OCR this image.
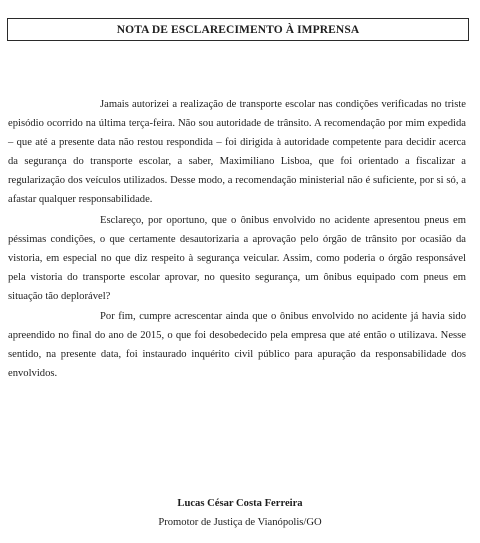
NOTA DE ESCLARECIMENTO À IMPRENSA

Jamais autorizei a realização de transporte escolar nas condições verificadas no triste episódio ocorrido na última terça-feira. Não sou autoridade de trânsito. A recomendação por mim expedida – que até a presente data não restou respondida – foi dirigida à autoridade competente para decidir acerca da segurança do transporte escolar, a saber, Maximiliano Lisboa, que foi orientado a fiscalizar a regularização dos veículos utilizados. Desse modo, a recomendação ministerial não é suficiente, por si só, a afastar qualquer responsabilidade.

Esclareço, por oportuno, que o ônibus envolvido no acidente apresentou pneus em péssimas condições, o que certamente desautorizaria a aprovação pelo órgão de trânsito por ocasião da vistoria, em especial no que diz respeito à segurança veicular. Assim, como poderia o órgão responsável pela vistoria do transporte escolar aprovar, no quesito segurança, um ônibus equipado com pneus em situação tão deplorável?

Por fim, cumpre acrescentar ainda que o ônibus envolvido no acidente já havia sido apreendido no final do ano de 2015, o que foi desobedecido pela empresa que até então o utilizava. Nesse sentido, na presente data, foi instaurado inquérito civil público para apuração da responsabilidade dos envolvidos.

Lucas César Costa Ferreira
Promotor de Justiça de Vianópolis/GO
